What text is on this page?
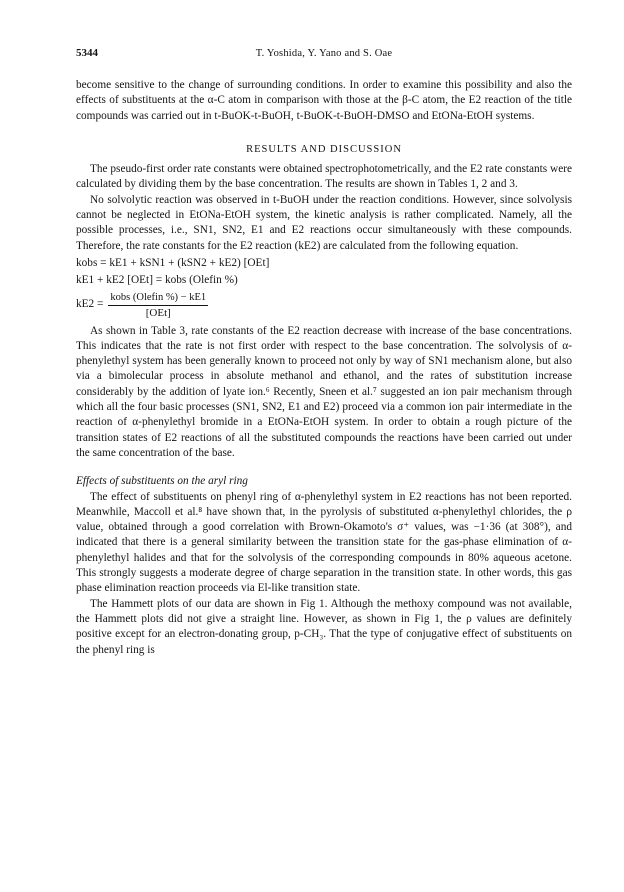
5344	T. Yoshida, Y. Yano and S. Oae

become sensitive to the change of surrounding conditions. In order to examine this possibility and also the effects of substituents at the α-C atom in comparison with those at the β-C atom, the E2 reaction of the title compounds was carried out in t-BuOK-t-BuOH, t-BuOK-t-BuOH-DMSO and EtONa-EtOH systems.

RESULTS AND DISCUSSION

The pseudo-first order rate constants were obtained spectrophotometrically, and the E2 rate constants were calculated by dividing them by the base concentration. The results are shown in Tables 1, 2 and 3.

No solvolytic reaction was observed in t-BuOH under the reaction conditions. However, since solvolysis cannot be neglected in EtONa-EtOH system, the kinetic analysis is rather complicated. Namely, all the possible processes, i.e., SN1, SN2, E1 and E2 reactions occur simultaneously with these compounds. Therefore, the rate constants for the E2 reaction (kE2) are calculated from the following equation.

kobs = kE1 + kSN1 + (kSN2 + kE2) [OEt]
kE1 + kE2 [OEt] = kobs (Olefin %)
$kE2 = \frac{\text{kobs (Olefin \%) − kE1}}{\text{[OEt]}}$

As shown in Table 3, rate constants of the E2 reaction decrease with increase of the base concentrations. This indicates that the rate is not first order with respect to the base concentration. The solvolysis of α-phenylethyl system has been generally known to proceed not only by way of SN1 mechanism alone, but also via a bimolecular process in absolute methanol and ethanol, and the rates of substitution increase considerably by the addition of lyate ion.⁶ Recently, Sneen et al.⁷ suggested an ion pair mechanism through which all the four basic processes (SN1, SN2, E1 and E2) proceed via a common ion pair intermediate in the reaction of α-phenylethyl bromide in a EtONa-EtOH system. In order to obtain a rough picture of the transition states of E2 reactions of all the substituted compounds the reactions have been carried out under the same concentration of the base.

Effects of substituents on the aryl ring

The effect of substituents on phenyl ring of α-phenylethyl system in E2 reactions has not been reported. Meanwhile, Maccoll et al.⁸ have shown that, in the pyrolysis of substituted α-phenylethyl chlorides, the ρ value, obtained through a good correlation with Brown-Okamoto's σ⁺ values, was −1·36 (at 308°), and indicated that there is a general similarity between the transition state for the gas-phase elimination of α-phenylethyl halides and that for the solvolysis of the corresponding compounds in 80% aqueous acetone. This strongly suggests a moderate degree of charge separation in the transition state. In other words, this gas phase elimination reaction proceeds via El-like transition state.

The Hammett plots of our data are shown in Fig 1. Although the methoxy compound was not available, the Hammett plots did not give a straight line. However, as shown in Fig 1, the ρ values are definitely positive except for an electron-donating group, p-CH₃. That the type of conjugative effect of substituents on the phenyl ring is
